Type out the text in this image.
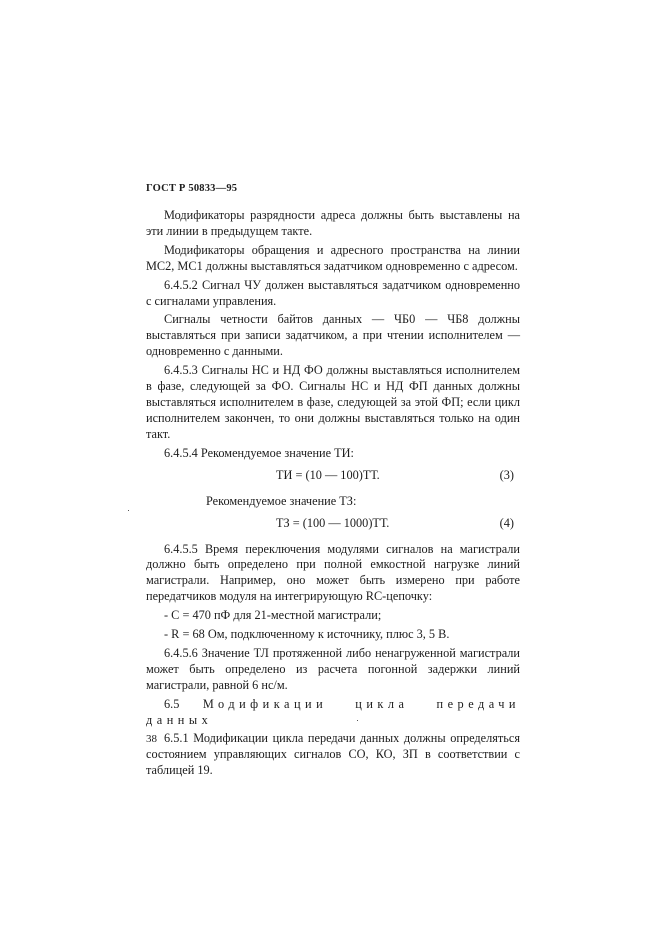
ГОСТ Р 50833—95

Модификаторы разрядности адреса должны быть выставлены на эти линии в предыдущем такте.

Модификаторы обращения и адресного пространства на линии МС2, МС1 должны выставляться задатчиком одновременно с адресом.

6.4.5.2 Сигнал ЧУ должен выставляться задатчиком одновременно с сигналами управления.

Сигналы четности байтов данных — ЧБ0 — ЧБ8 должны выставляться при записи задатчиком, а при чтении исполнителем — одновременно с данными.

6.4.5.3 Сигналы НС и НД ФО должны выставляться исполнителем в фазе, следующей за ФО. Сигналы НС и НД ФП данных должны выставляться исполнителем в фазе, следующей за этой ФП; если цикл исполнителем закончен, то они должны выставляться только на один такт.

6.4.5.4 Рекомендуемое значение ТИ:

ТИ = (10 — 100)ТТ.	(3)

Рекомендуемое значение ТЗ:

ТЗ = (100 — 1000)ТТ.	(4)

6.4.5.5 Время переключения модулями сигналов на магистрали должно быть определено при полной емкостной нагрузке линий магистрали. Например, оно может быть измерено при работе передатчиков модуля на интегрирующую RC-цепочку:

- С = 470 пФ для 21-местной магистрали;

- R = 68 Ом, подключенному к источнику, плюс 3, 5 В.

6.4.5.6 Значение ТЛ протяженной либо ненагруженной магистрали может быть определено из расчета погонной задержки линий магистрали, равной 6 нс/м.

6.5 Модификации цикла передачи данных

6.5.1 Модификации цикла передачи данных должны определяться состоянием управляющих сигналов СО, КО, ЗП в соответствии с таблицей 19.

38
